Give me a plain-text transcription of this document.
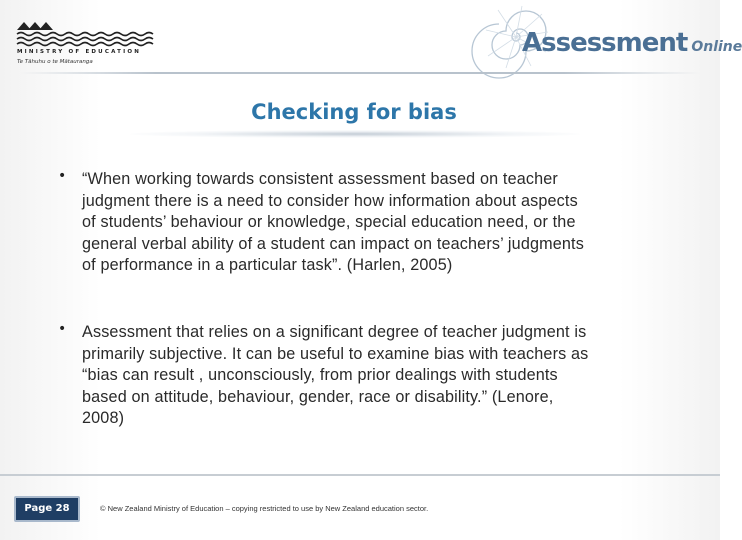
MINISTRY OF EDUCATION
Te Tāhuhu o te Mātauranga
Assessment Online
Checking for bias
• “When working towards consistent assessment based on teacher
judgment there is a need to consider how information about aspects
of students’ behaviour or knowledge, special education need, or the
general verbal ability of a student can impact on teachers’ judgments
of performance in a particular task”. (Harlen, 2005)
• Assessment that relies on a significant degree of teacher judgment is
primarily subjective. It can be useful to examine bias with teachers as
“bias can result , unconsciously, from prior dealings with students
based on attitude, behaviour, gender, race or disability.” (Lenore,
2008)
Page 28	© New Zealand Ministry of Education – copying restricted to use by New Zealand education sector.
